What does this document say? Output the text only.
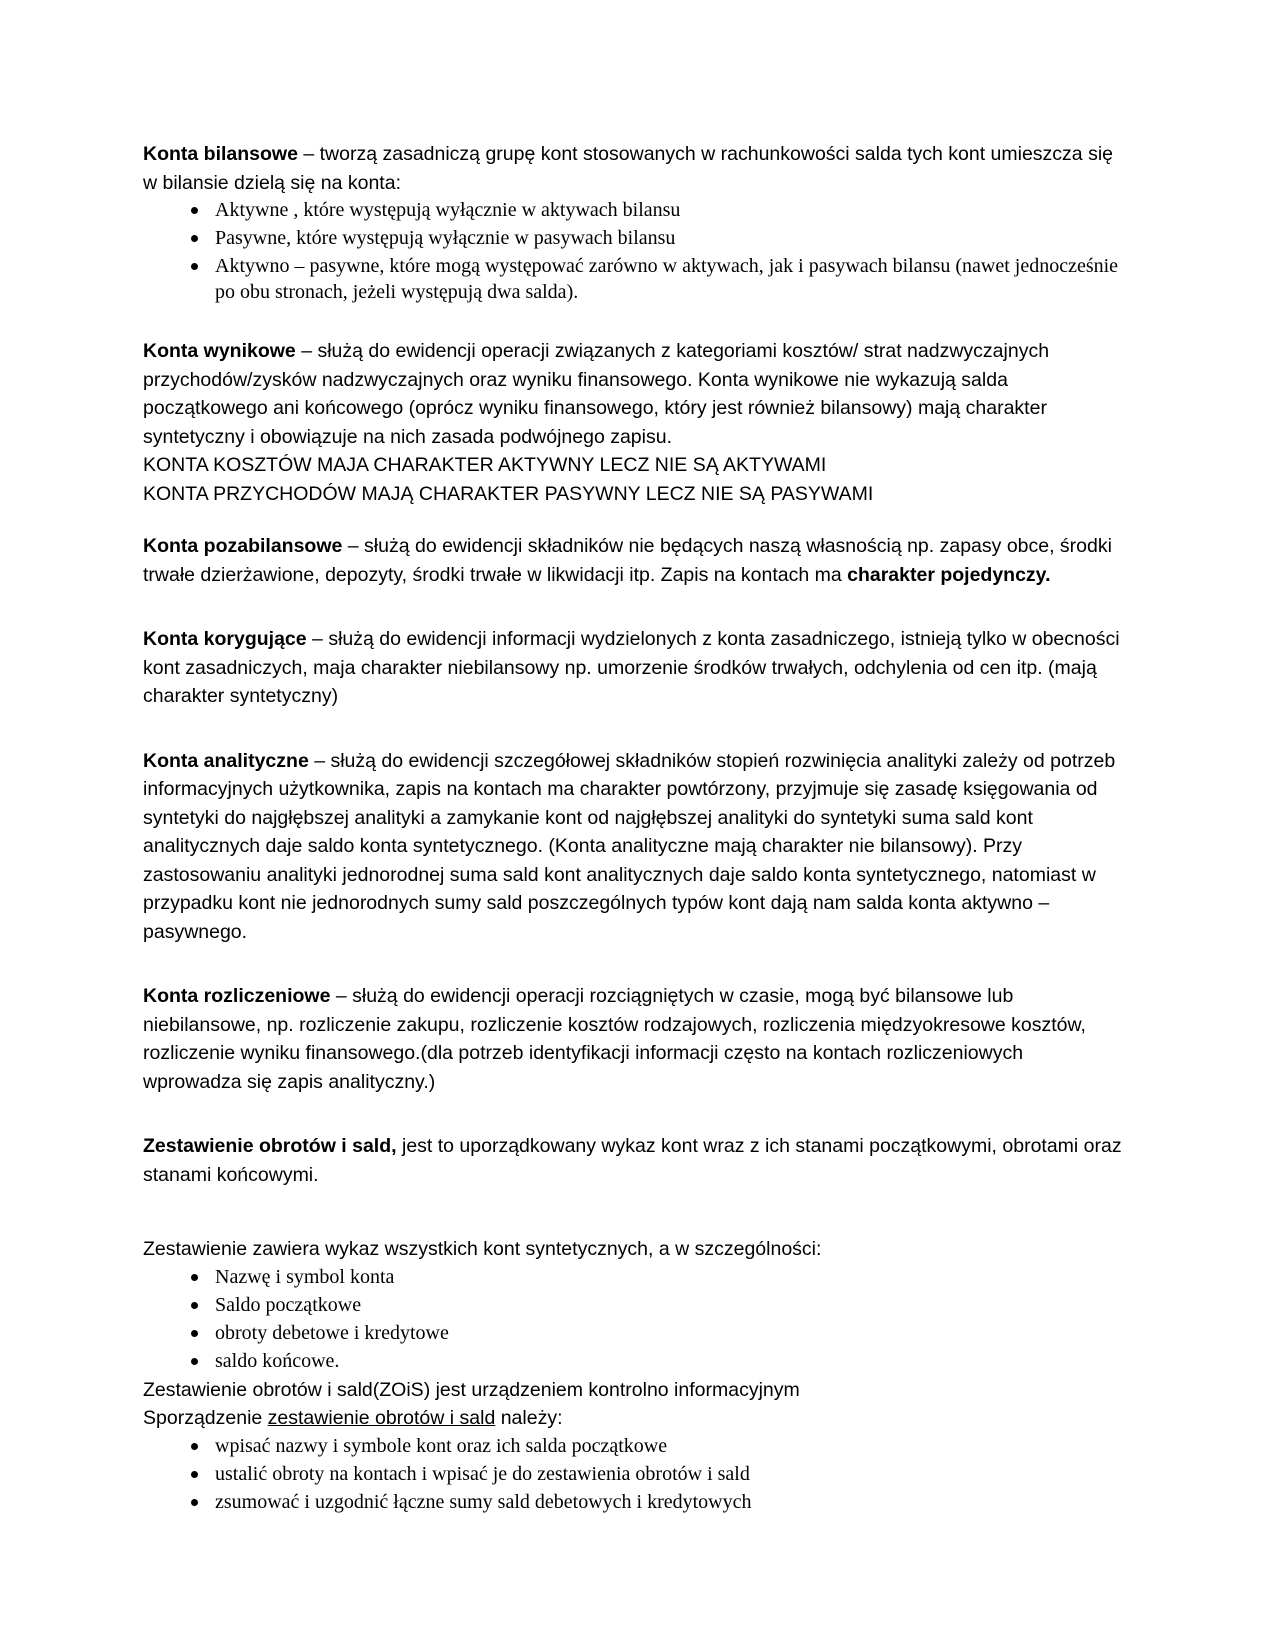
Konta bilansowe – tworzą zasadniczą grupę kont stosowanych w rachunkowości salda tych kont umieszcza się w bilansie dzielą się na konta:

Aktywne , które występują wyłącznie w aktywach bilansu
Pasywne, które występują wyłącznie w pasywach bilansu
Aktywno – pasywne, które mogą występować zarówno w aktywach, jak i pasywach bilansu (nawet jednocześnie po obu stronach, jeżeli występują dwa salda).

Konta wynikowe – służą do ewidencji operacji związanych z kategoriami kosztów/ strat nadzwyczajnych przychodów/zysków nadzwyczajnych oraz wyniku finansowego. Konta wynikowe nie wykazują salda początkowego ani końcowego (oprócz wyniku finansowego, który jest również bilansowy) mają charakter syntetyczny i obowiązuje na nich zasada podwójnego zapisu.

KONTA KOSZTÓW MAJA CHARAKTER AKTYWNY LECZ NIE SĄ AKTYWAMI

KONTA PRZYCHODÓW MAJĄ CHARAKTER PASYWNY LECZ NIE SĄ PASYWAMI

Konta pozabilansowe – służą do ewidencji składników nie będących naszą własnością np. zapasy obce, środki trwałe dzierżawione, depozyty, środki trwałe w likwidacji itp. Zapis na kontach ma charakter pojedynczy.

Konta korygujące – służą do ewidencji informacji wydzielonych z konta zasadniczego, istnieją tylko w obecności kont zasadniczych, maja charakter niebilansowy np. umorzenie środków trwałych, odchylenia od cen itp. (mają charakter syntetyczny)

Konta analityczne – służą do ewidencji szczegółowej składników stopień rozwinięcia analityki zależy od potrzeb informacyjnych użytkownika, zapis na kontach ma charakter powtórzony, przyjmuje się zasadę księgowania od syntetyki do najgłębszej analityki a zamykanie kont od najgłębszej analityki do syntetyki suma sald kont analitycznych daje saldo konta syntetycznego. (Konta analityczne mają charakter nie bilansowy). Przy zastosowaniu analityki jednorodnej suma sald kont analitycznych daje saldo konta syntetycznego, natomiast w przypadku kont nie jednorodnych sumy sald poszczególnych typów kont dają nam salda konta aktywno – pasywnego.

Konta rozliczeniowe – służą do ewidencji operacji rozciągniętych w czasie, mogą być bilansowe lub niebilansowe, np. rozliczenie zakupu, rozliczenie kosztów rodzajowych, rozliczenia międzyokresowe kosztów, rozliczenie wyniku finansowego.(dla potrzeb identyfikacji informacji często na kontach rozliczeniowych wprowadza się zapis analityczny.)

Zestawienie obrotów i sald, jest to uporządkowany wykaz kont wraz z ich stanami początkowymi, obrotami oraz stanami końcowymi.

Zestawienie zawiera wykaz wszystkich kont syntetycznych, a w szczególności:

Nazwę i symbol konta
Saldo początkowe
obroty debetowe i kredytowe
saldo końcowe.

Zestawienie obrotów i sald(ZOiS) jest urządzeniem kontrolno informacyjnym

Sporządzenie zestawienie obrotów i sald należy:

wpisać nazwy i symbole kont oraz ich salda początkowe
ustalić obroty na kontach i wpisać je do zestawienia obrotów i sald
zsumować i uzgodnić łączne sumy sald debetowych i kredytowych
